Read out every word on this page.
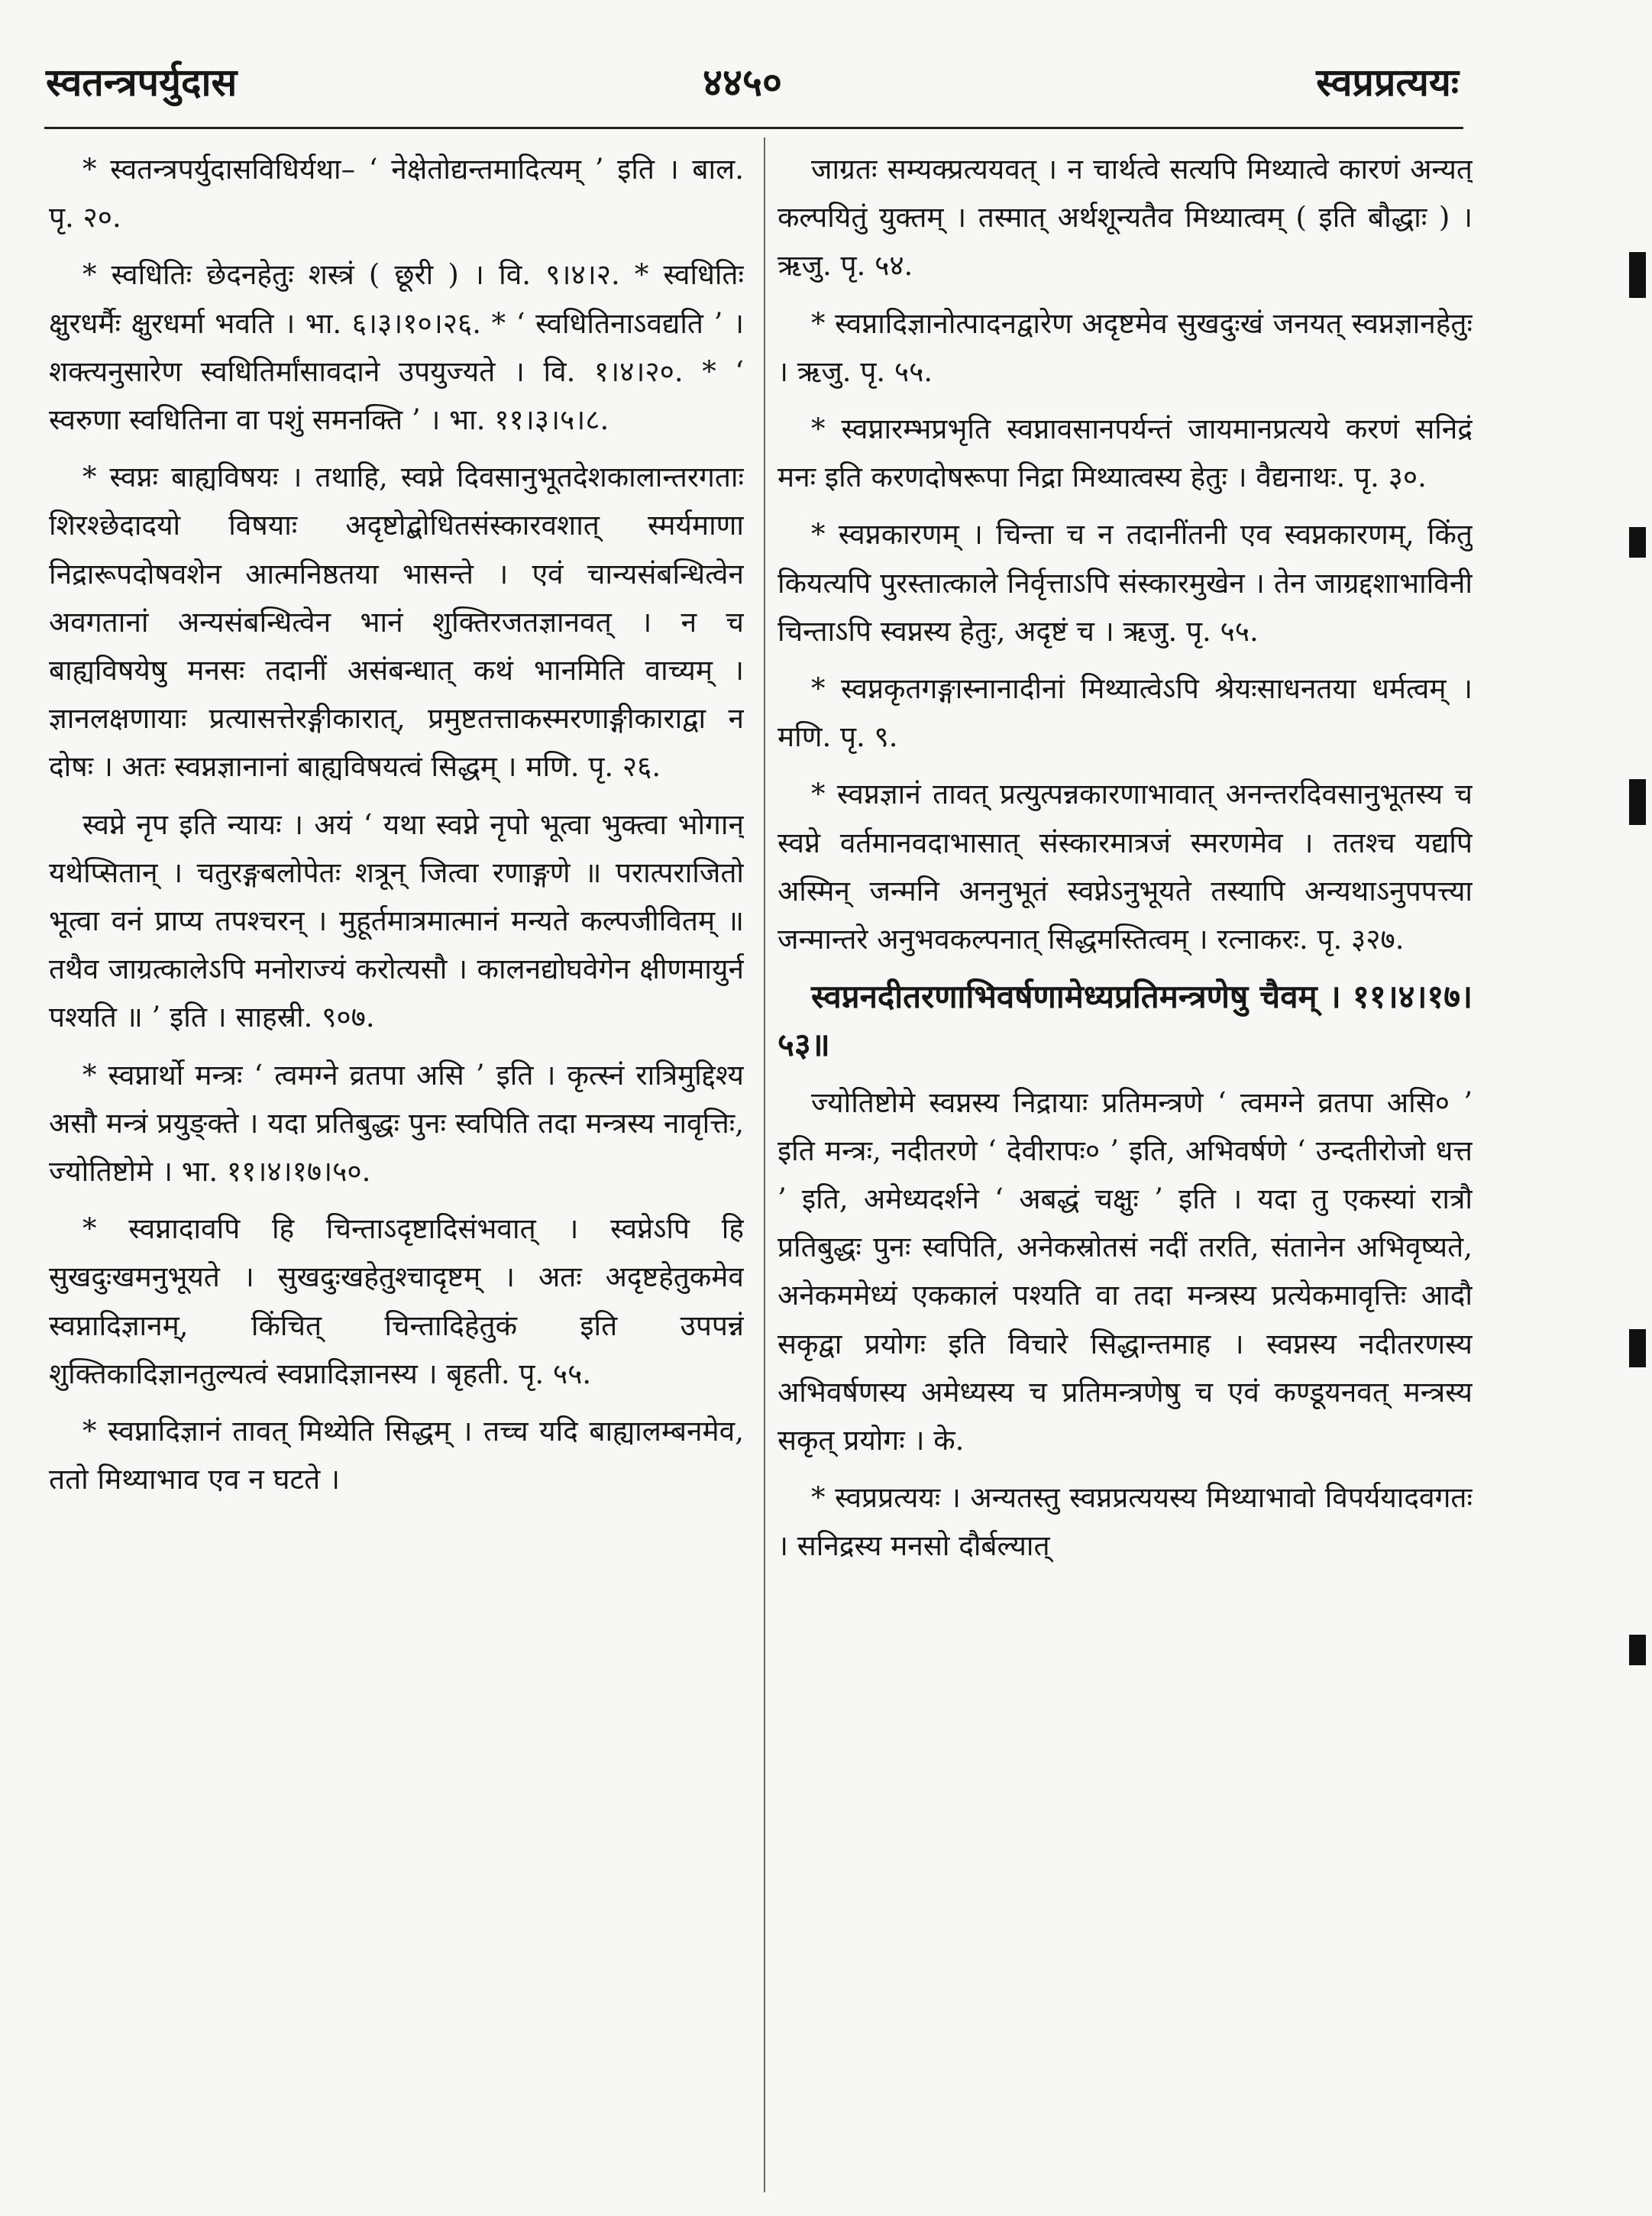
स्वतन्त्रपर्युदास	४४५०	स्वप्रप्रत्ययः

* स्वतन्त्रपर्युदासविधिर्यथा– ‘ नेक्षेतोद्यन्तमादित्यम् ’ इति । बाल. पृ. २०.

* स्वधितिः छेदनहेतुः शस्त्रं ( छूरी ) । वि. ९।४।२. * स्वधितिः क्षुरधर्मैः क्षुरधर्मा भवति । भा. ६।३।१०।२६. * ‘ स्वधितिनाऽवद्यति ’ । शक्त्यनुसारेण स्वधितिर्मांसावदाने उपयुज्यते । वि. १।४।२०. * ‘ स्वरुणा स्वधितिना वा पशुं समनक्ति ’ । भा. ११।३।५।८.

* स्वप्नः बाह्यविषयः । तथाहि, स्वप्ने दिवसानुभूतदेशकालान्तरगताः शिरश्छेदादयो विषयाः अदृष्टोद्बोधितसंस्कारवशात् स्मर्यमाणा निद्रारूपदोषवशेन आत्मनिष्ठतया भासन्ते । एवं चान्यसंबन्धित्वेन अवगतानां अन्यसंबन्धित्वेन भानं शुक्तिरजतज्ञानवत् । न च बाह्यविषयेषु मनसः तदानीं असंबन्धात् कथं भानमिति वाच्यम् । ज्ञानलक्षणायाः प्रत्यासत्तेरङ्गीकारात्, प्रमुष्टतत्ताकस्मरणाङ्गीकाराद्वा न दोषः । अतः स्वप्नज्ञानानां बाह्यविषयत्वं सिद्धम् । मणि. पृ. २६.

स्वप्ने नृप इति न्यायः । अयं ‘ यथा स्वप्ने नृपो भूत्वा भुक्त्वा भोगान् यथेप्सितान् । चतुरङ्गबलोपेतः शत्रून् जित्वा रणाङ्गणे ॥ परात्पराजितो भूत्वा वनं प्राप्य तपश्चरन् । मुहूर्तमात्रमात्मानं मन्यते कल्पजीवितम् ॥ तथैव जाग्रत्कालेऽपि मनोराज्यं करोत्यसौ । कालनद्योघवेगेन क्षीणमायुर्न पश्यति ॥ ’ इति । साहस्री. ९०७.

* स्वप्नार्थो मन्त्रः ‘ त्वमग्ने व्रतपा असि ’ इति । कृत्स्नं रात्रिमुद्दिश्य असौ मन्त्रं प्रयुङ्क्ते । यदा प्रतिबुद्धः पुनः स्वपिति तदा मन्त्रस्य नावृत्तिः, ज्योतिष्टोमे । भा. ११।४।१७।५०.

* स्वप्नादावपि हि चिन्ताऽदृष्टादिसंभवात् । स्वप्नेऽपि हि सुखदुःखमनुभूयते । सुखदुःखहेतुश्चादृष्टम् । अतः अदृष्टहेतुकमेव स्वप्नादिज्ञानम्, किंचित् चिन्तादिहेतुकं इति उपपन्नं शुक्तिकादिज्ञानतुल्यत्वं स्वप्नादिज्ञानस्य । बृहती. पृ. ५५.

* स्वप्नादिज्ञानं तावत् मिथ्येति सिद्धम् । तच्च यदि बाह्यालम्बनमेव, ततो मिथ्याभाव एव न घटते ।

जाग्रतः सम्यक्प्रत्ययवत् । न चार्थत्वे सत्यपि मिथ्यात्वे कारणं अन्यत् कल्पयितुं युक्तम् । तस्मात् अर्थशून्यतैव मिथ्यात्वम् ( इति बौद्धाः ) । ऋजु. पृ. ५४.

* स्वप्नादिज्ञानोत्पादनद्वारेण अदृष्टमेव सुखदुःखं जनयत् स्वप्नज्ञानहेतुः । ऋजु. पृ. ५५.

* स्वप्नारम्भप्रभृति स्वप्नावसानपर्यन्तं जायमानप्रत्यये करणं सनिद्रं मनः इति करणदोषरूपा निद्रा मिथ्यात्वस्य हेतुः । वैद्यनाथः. पृ. ३०.

* स्वप्नकारणम् । चिन्ता च न तदानींतनी एव स्वप्नकारणम्, किंतु कियत्यपि पुरस्तात्काले निर्वृत्ताऽपि संस्कारमुखेन । तेन जाग्रद्दशाभाविनी चिन्ताऽपि स्वप्नस्य हेतुः, अदृष्टं च । ऋजु. पृ. ५५.

* स्वप्नकृतगङ्गास्नानादीनां मिथ्यात्वेऽपि श्रेयःसाधनतया धर्मत्वम् । मणि. पृ. ९.

* स्वप्नज्ञानं तावत् प्रत्युत्पन्नकारणाभावात् अनन्तरदिवसानुभूतस्य च स्वप्ने वर्तमानवदाभासात् संस्कारमात्रजं स्मरणमेव । ततश्च यद्यपि अस्मिन् जन्मनि अननुभूतं स्वप्नेऽनुभूयते तस्यापि अन्यथाऽनुपपत्त्या जन्मान्तरे अनुभवकल्पनात् सिद्धमस्तित्वम् । रत्नाकरः. पृ. ३२७.

स्वप्ननदीतरणाभिवर्षणामेध्यप्रतिमन्त्रणेषु चैवम् । ११।४।१७।५३॥

ज्योतिष्टोमे स्वप्नस्य निद्रायाः प्रतिमन्त्रणे ‘ त्वमग्ने व्रतपा असि० ’ इति मन्त्रः, नदीतरणे ‘ देवीरापः० ’ इति, अभिवर्षणे ‘ उन्दतीरोजो धत्त ’ इति, अमेध्यदर्शने ‘ अबद्धं चक्षुः ’ इति । यदा तु एकस्यां रात्रौ प्रतिबुद्धः पुनः स्वपिति, अनेकस्रोतसं नदीं तरति, संतानेन अभिवृष्यते, अनेकममेध्यं एककालं पश्यति वा तदा मन्त्रस्य प्रत्येकमावृत्तिः आदौ सकृद्वा प्रयोगः इति विचारे सिद्धान्तमाह । स्वप्नस्य नदीतरणस्य अभिवर्षणस्य अमेध्यस्य च प्रतिमन्त्रणेषु च एवं कण्डूयनवत् मन्त्रस्य सकृत् प्रयोगः । के.

* स्वप्रप्रत्ययः । अन्यतस्तु स्वप्नप्रत्ययस्य मिथ्याभावो विपर्ययादवगतः । सनिद्रस्य मनसो दौर्बल्यात्
